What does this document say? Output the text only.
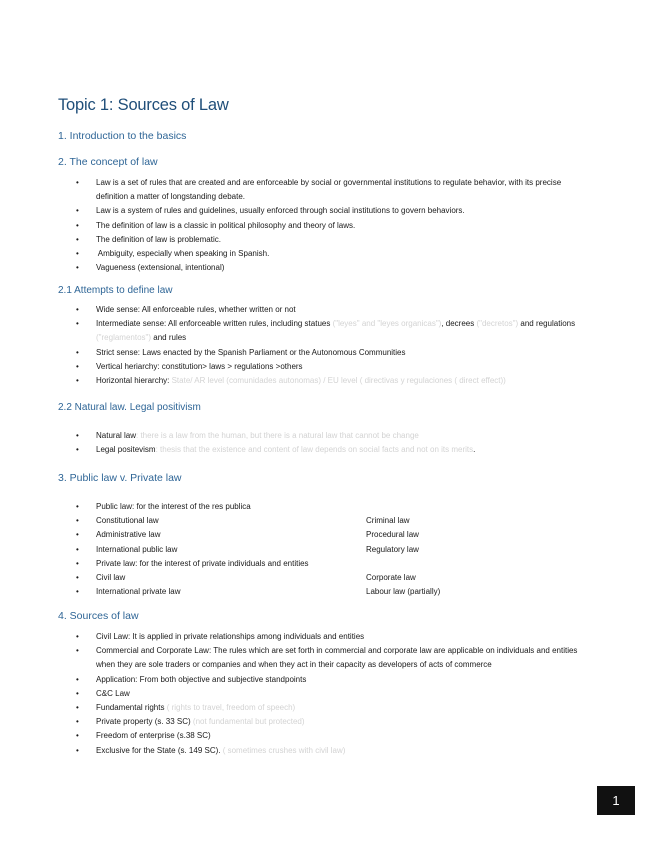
Topic 1: Sources of Law
1. Introduction to the basics
2. The concept of law
• Law is a set of rules that are created and are enforceable by social or governmental institutions to regulate behavior, with its precise definition a matter of longstanding debate.
• Law is a system of rules and guidelines, usually enforced through social institutions to govern behaviors.
• The definition of law is a classic in political philosophy and theory of laws.
• The definition of law is problematic.
•  Ambiguity, especially when speaking in Spanish.
• Vagueness (extensional, intentional)
2.1 Attempts to define law
• Wide sense: All enforceable rules, whether written or not
• Intermediate sense: All enforceable written rules, including statues ("leyes" and "leyes organicas"), decrees ("decretos") and regulations ("reglamentos") and rules
• Strict sense: Laws enacted by the Spanish Parliament or the Autonomous Communities
• Vertical heriarchy: constitution> laws > regulations >others
• Horizontal hierarchy: State/ AR level (comunidades autonomas) / EU level ( directivas y regulaciones ( direct effect))
2.2 Natural law. Legal positivism
• Natural law: there is a law from the human, but there is a natural law that cannot be change
• Legal positevism: thesis that the existence and content of law depends on social facts and not on its merits.
3. Public law v. Private law
• Public law: for the interest of the res publica
• Constitutional law	Criminal law
• Administrative law	Procedural law
• International public law	Regulatory law
• Private law: for the interest of private individuals and entities
• Civil law	Corporate law
• International private law	Labour law (partially)
4. Sources of law
• Civil Law: It is applied in private relationships among individuals and entities
• Commercial and Corporate Law: The rules which are set forth in commercial and corporate law are applicable on individuals and entities when they are sole traders or companies and when they act in their capacity as developers of acts of commerce
• Application: From both objective and subjective standpoints
• C&C Law
• Fundamental rights ( rights to travel, freedom of speech)
• Private property (s. 33 SC) (not fundamental but protected)
• Freedom of enterprise (s.38 SC)
• Exclusive for the State (s. 149 SC). ( sometimes crushes with civil law)
1
